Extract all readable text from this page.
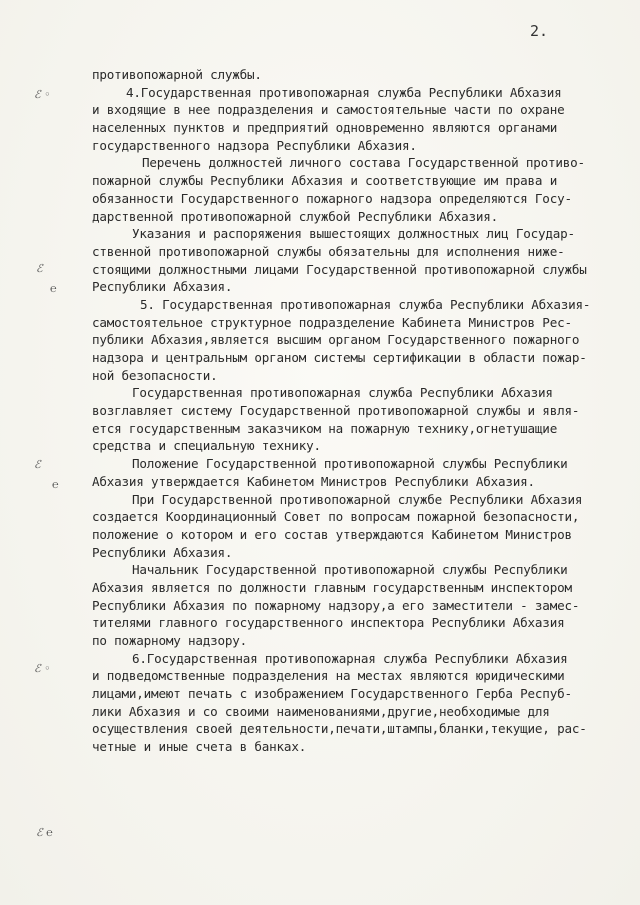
2.
ℰ ◦
ℰ
℮
ℰ
℮
ℰ ◦
ℰ ℮
противопожарной службы.
4.Государственная противопожарная служба Республики Абхазия
и входящие в нее подразделения и самостоятельные части по охране
населенных пунктов и предприятий одновременно являются органами
государственного надзора Республики Абхазия.
Перечень должностей личного состава Государственной противо-
пожарной службы Республики Абхазия и соответствующие им права и
обязанности Государственного пожарного надзора определяются Госу-
дарственной противопожарной службой Республики Абхазия.
Указания и распоряжения вышестоящих должностных лиц Государ-
ственной противопожарной службы обязательны для исполнения ниже-
стоящими должностными лицами Государственной противопожарной службы
Республики Абхазия.
5. Государственная противопожарная служба Республики Абхазия-
самостоятельное структурное подразделение Кабинета Министров Рес-
публики Абхазия,является высшим органом Государственного пожарного
надзора и центральным органом системы сертификации в области пожар-
ной безопасности.
Государственная противопожарная служба Республики Абхазия
возглавляет систему Государственной противопожарной службы и явля-
ется государственным заказчиком на пожарную технику,огнетушащие
средства и специальную технику.
Положение Государственной противопожарной службы Республики
Абхазия утверждается Кабинетом Министров Республики Абхазия.
При Государственной противопожарной службе Республики Абхазия
создается Координационный Совет по вопросам пожарной безопасности,
положение о котором и его состав утверждаются Кабинетом Министров
Республики Абхазия.
Начальник Государственной противопожарной службы Республики
Абхазия является по должности главным государственным инспектором
Республики Абхазия по пожарному надзору,а его заместители - замес-
тителями главного государственного инспектора Республики Абхазия
по пожарному надзору.
6.Государственная противопожарная служба Республики Абхазия
и подведомственные подразделения на местах являются юридическими
лицами,имеют печать с изображением Государственного Герба Респуб-
лики Абхазия и со своими наименованиями,другие,необходимые для
осуществления своей деятельности,печати,штампы,бланки,текущие, рас-
четные и иные счета в банках.
